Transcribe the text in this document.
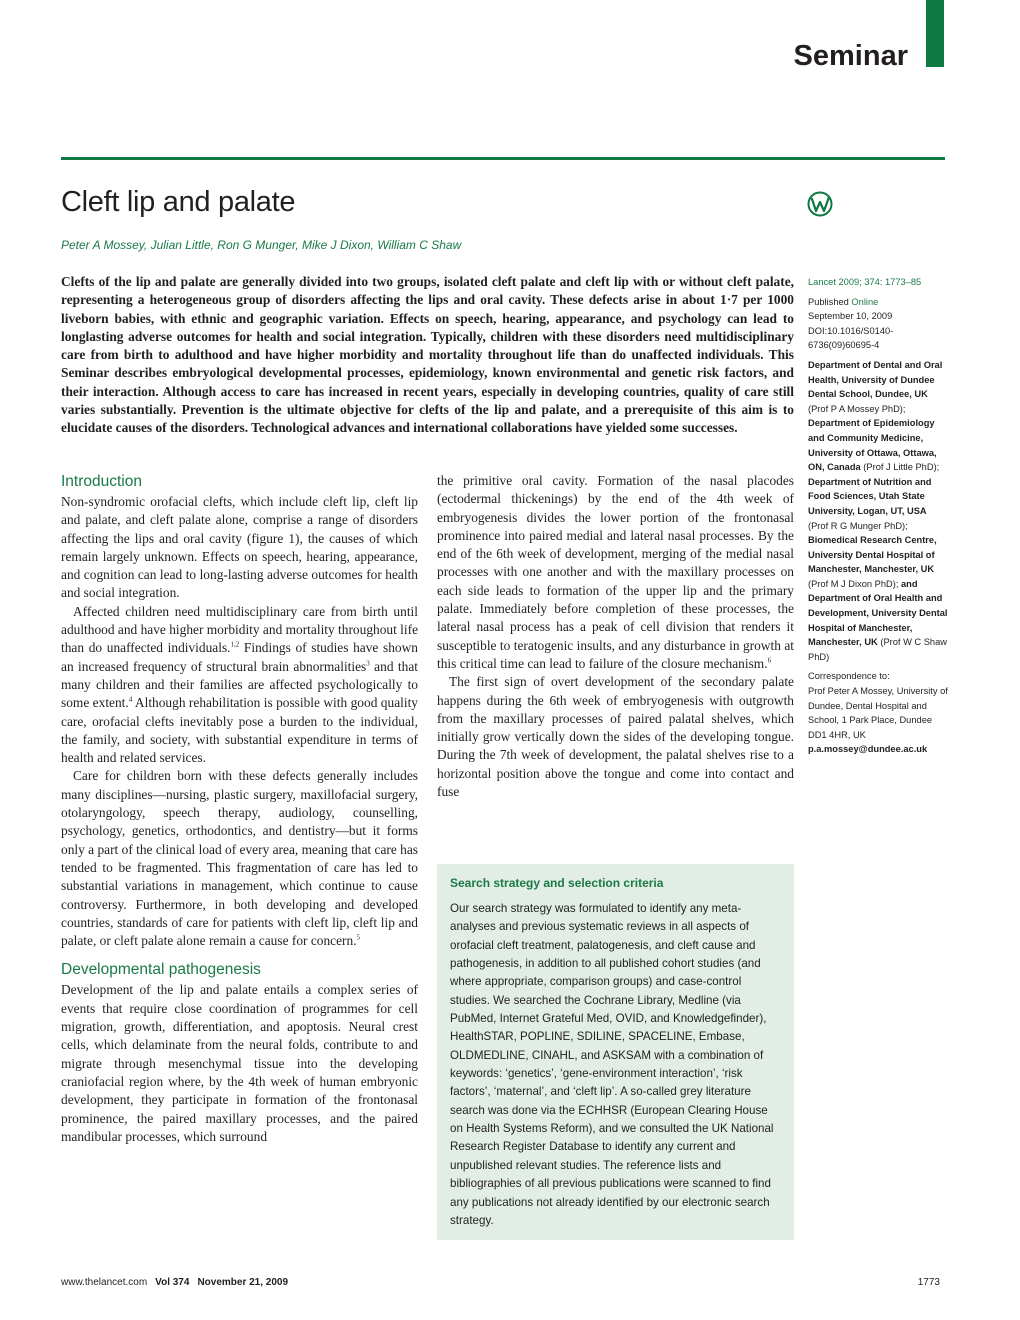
Seminar
Cleft lip and palate
Peter A Mossey, Julian Little, Ron G Munger, Mike J Dixon, William C Shaw

Clefts of the lip and palate are generally divided into two groups, isolated cleft palate and cleft lip with or without cleft palate, representing a heterogeneous group of disorders affecting the lips and oral cavity. These defects arise in about 1·7 per 1000 liveborn babies, with ethnic and geographic variation. Effects on speech, hearing, appearance, and psychology can lead to longlasting adverse outcomes for health and social integration. Typically, children with these disorders need multidisciplinary care from birth to adulthood and have higher morbidity and mortality throughout life than do unaffected individuals. This Seminar describes embryological developmental processes, epidemiology, known environmental and genetic risk factors, and their interaction. Although access to care has increased in recent years, especially in developing countries, quality of care still varies substantially. Prevention is the ultimate objective for clefts of the lip and palate, and a prerequisite of this aim is to elucidate causes of the disorders. Technological advances and international collaborations have yielded some successes.

Introduction

Non-syndromic orofacial clefts, which include cleft lip, cleft lip and palate, and cleft palate alone, comprise a range of disorders affecting the lips and oral cavity (figure 1), the causes of which remain largely unknown. Effects on speech, hearing, appearance, and cognition can lead to long-lasting adverse outcomes for health and social integration.

Affected children need multidisciplinary care from birth until adulthood and have higher morbidity and mortality throughout life than do unaffected individuals.$^{1,2}$ Findings of studies have shown an increased frequency of structural brain abnormalities$^3$ and that many children and their families are affected psychologically to some extent.$^4$ Although rehabilitation is possible with good quality care, orofacial clefts inevitably pose a burden to the individual, the family, and society, with substantial expenditure in terms of health and related services.

Care for children born with these defects generally includes many disciplines—nursing, plastic surgery, maxillofacial surgery, otolaryngology, speech therapy, audiology, counselling, psychology, genetics, orthodontics, and dentistry—but it forms only a part of the clinical load of every area, meaning that care has tended to be fragmented. This fragmentation of care has led to substantial variations in management, which continue to cause controversy. Furthermore, in both developing and developed countries, standards of care for patients with cleft lip, cleft lip and palate, or cleft palate alone remain a cause for concern.$^5$

Developmental pathogenesis

Development of the lip and palate entails a complex series of events that require close coordination of programmes for cell migration, growth, differentiation, and apoptosis. Neural crest cells, which delaminate from the neural folds, contribute to and migrate through mesenchymal tissue into the developing craniofacial region where, by the 4th week of human embryonic development, they participate in formation of the frontonasal prominence, the paired maxillary processes, and the paired mandibular processes, which surround

the primitive oral cavity. Formation of the nasal placodes (ectodermal thickenings) by the end of the 4th week of embryogenesis divides the lower portion of the frontonasal prominence into paired medial and lateral nasal processes. By the end of the 6th week of development, merging of the medial nasal processes with one another and with the maxillary processes on each side leads to formation of the upper lip and the primary palate. Immediately before completion of these processes, the lateral nasal process has a peak of cell division that renders it susceptible to teratogenic insults, and any disturbance in growth at this critical time can lead to failure of the closure mechanism.$^6$

The first sign of overt development of the secondary palate happens during the 6th week of embryogenesis with outgrowth from the maxillary processes of paired palatal shelves, which initially grow vertically down the sides of the developing tongue. During the 7th week of development, the palatal shelves rise to a horizontal position above the tongue and come into contact and fuse

Search strategy and selection criteria

Our search strategy was formulated to identify any meta-analyses and previous systematic reviews in all aspects of orofacial cleft treatment, palatogenesis, and cleft cause and pathogenesis, in addition to all published cohort studies (and where appropriate, comparison groups) and case-control studies. We searched the Cochrane Library, Medline (via PubMed, Internet Grateful Med, OVID, and Knowledgefinder), HealthSTAR, POPLINE, SDILINE, SPACELINE, Embase, OLDMEDLINE, CINAHL, and ASKSAM with a combination of keywords: ‘genetics’, ‘gene-environment interaction’, ‘risk factors’, ‘maternal’, and ‘cleft lip’. A so-called grey literature search was done via the ECHHSR (European Clearing House on Health Systems Reform), and we consulted the UK National Research Register Database to identify any current and unpublished relevant studies. The reference lists and bibliographies of all previous publications were scanned to find any publications not already identified by our electronic search strategy.

Lancet 2009; 374: 1773–85
Published Online
September 10, 2009
DOI:10.1016/S0140-6736(09)60695-4
Department of Dental and Oral Health, University of Dundee Dental School, Dundee, UK (Prof P A Mossey PhD); Department of Epidemiology and Community Medicine, University of Ottawa, Ottawa, ON, Canada (Prof J Little PhD); Department of Nutrition and Food Sciences, Utah State University, Logan, UT, USA (Prof R G Munger PhD); Biomedical Research Centre, University Dental Hospital of Manchester, Manchester, UK (Prof M J Dixon PhD); and Department of Oral Health and Development, University Dental Hospital of Manchester, Manchester, UK (Prof W C Shaw PhD)
Correspondence to:
Prof Peter A Mossey, University of Dundee, Dental Hospital and School, 1 Park Place, Dundee DD1 4HR, UK
p.a.mossey@dundee.ac.uk
www.thelancet.com Vol 374 November 21, 2009	1773
